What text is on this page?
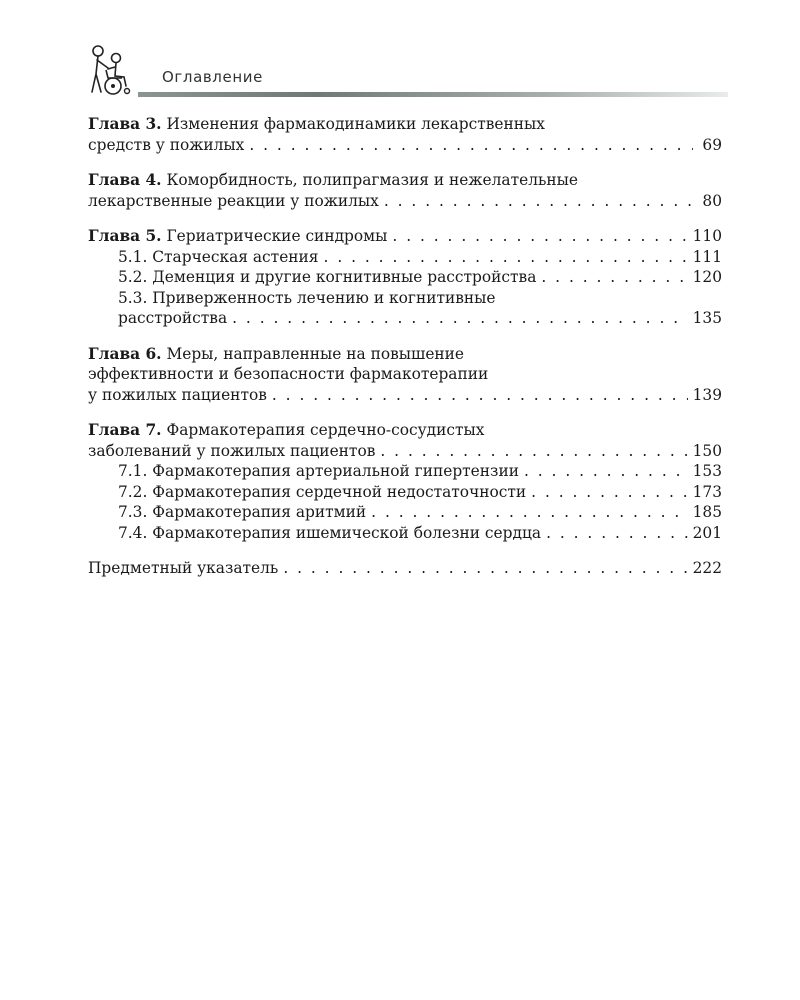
Оглавление
Глава 3.
Изменения фармакодинамики лекарственных
средств у пожилых . . .	69
Глава 4.
Коморбидность, полипрагмазия и нежелательные
лекарственные реакции у пожилых . . .	80
Глава 5.
Гериатрические синдромы . . .	110
5.1. Старческая астения . . .	111
5.2. Деменция и другие когнитивные расстройства . . .	120
5.3. Приверженность лечению и когнитивные
расстройства . . .	135
Глава 6.
Меры, направленные на повышение
эффективности и безопасности фармакотерапии
у пожилых пациентов . . .	139
Глава 7.
Фармакотерапия сердечно-сосудистых
заболеваний у пожилых пациентов . . .	150
7.1. Фармакотерапия артериальной гипертензии . . .	153
7.2. Фармакотерапия сердечной недостаточности . . .	173
7.3. Фармакотерапия аритмий . . .	185
7.4. Фармакотерапия ишемической болезни сердца . . .	201
Предметный указатель . . .	222
